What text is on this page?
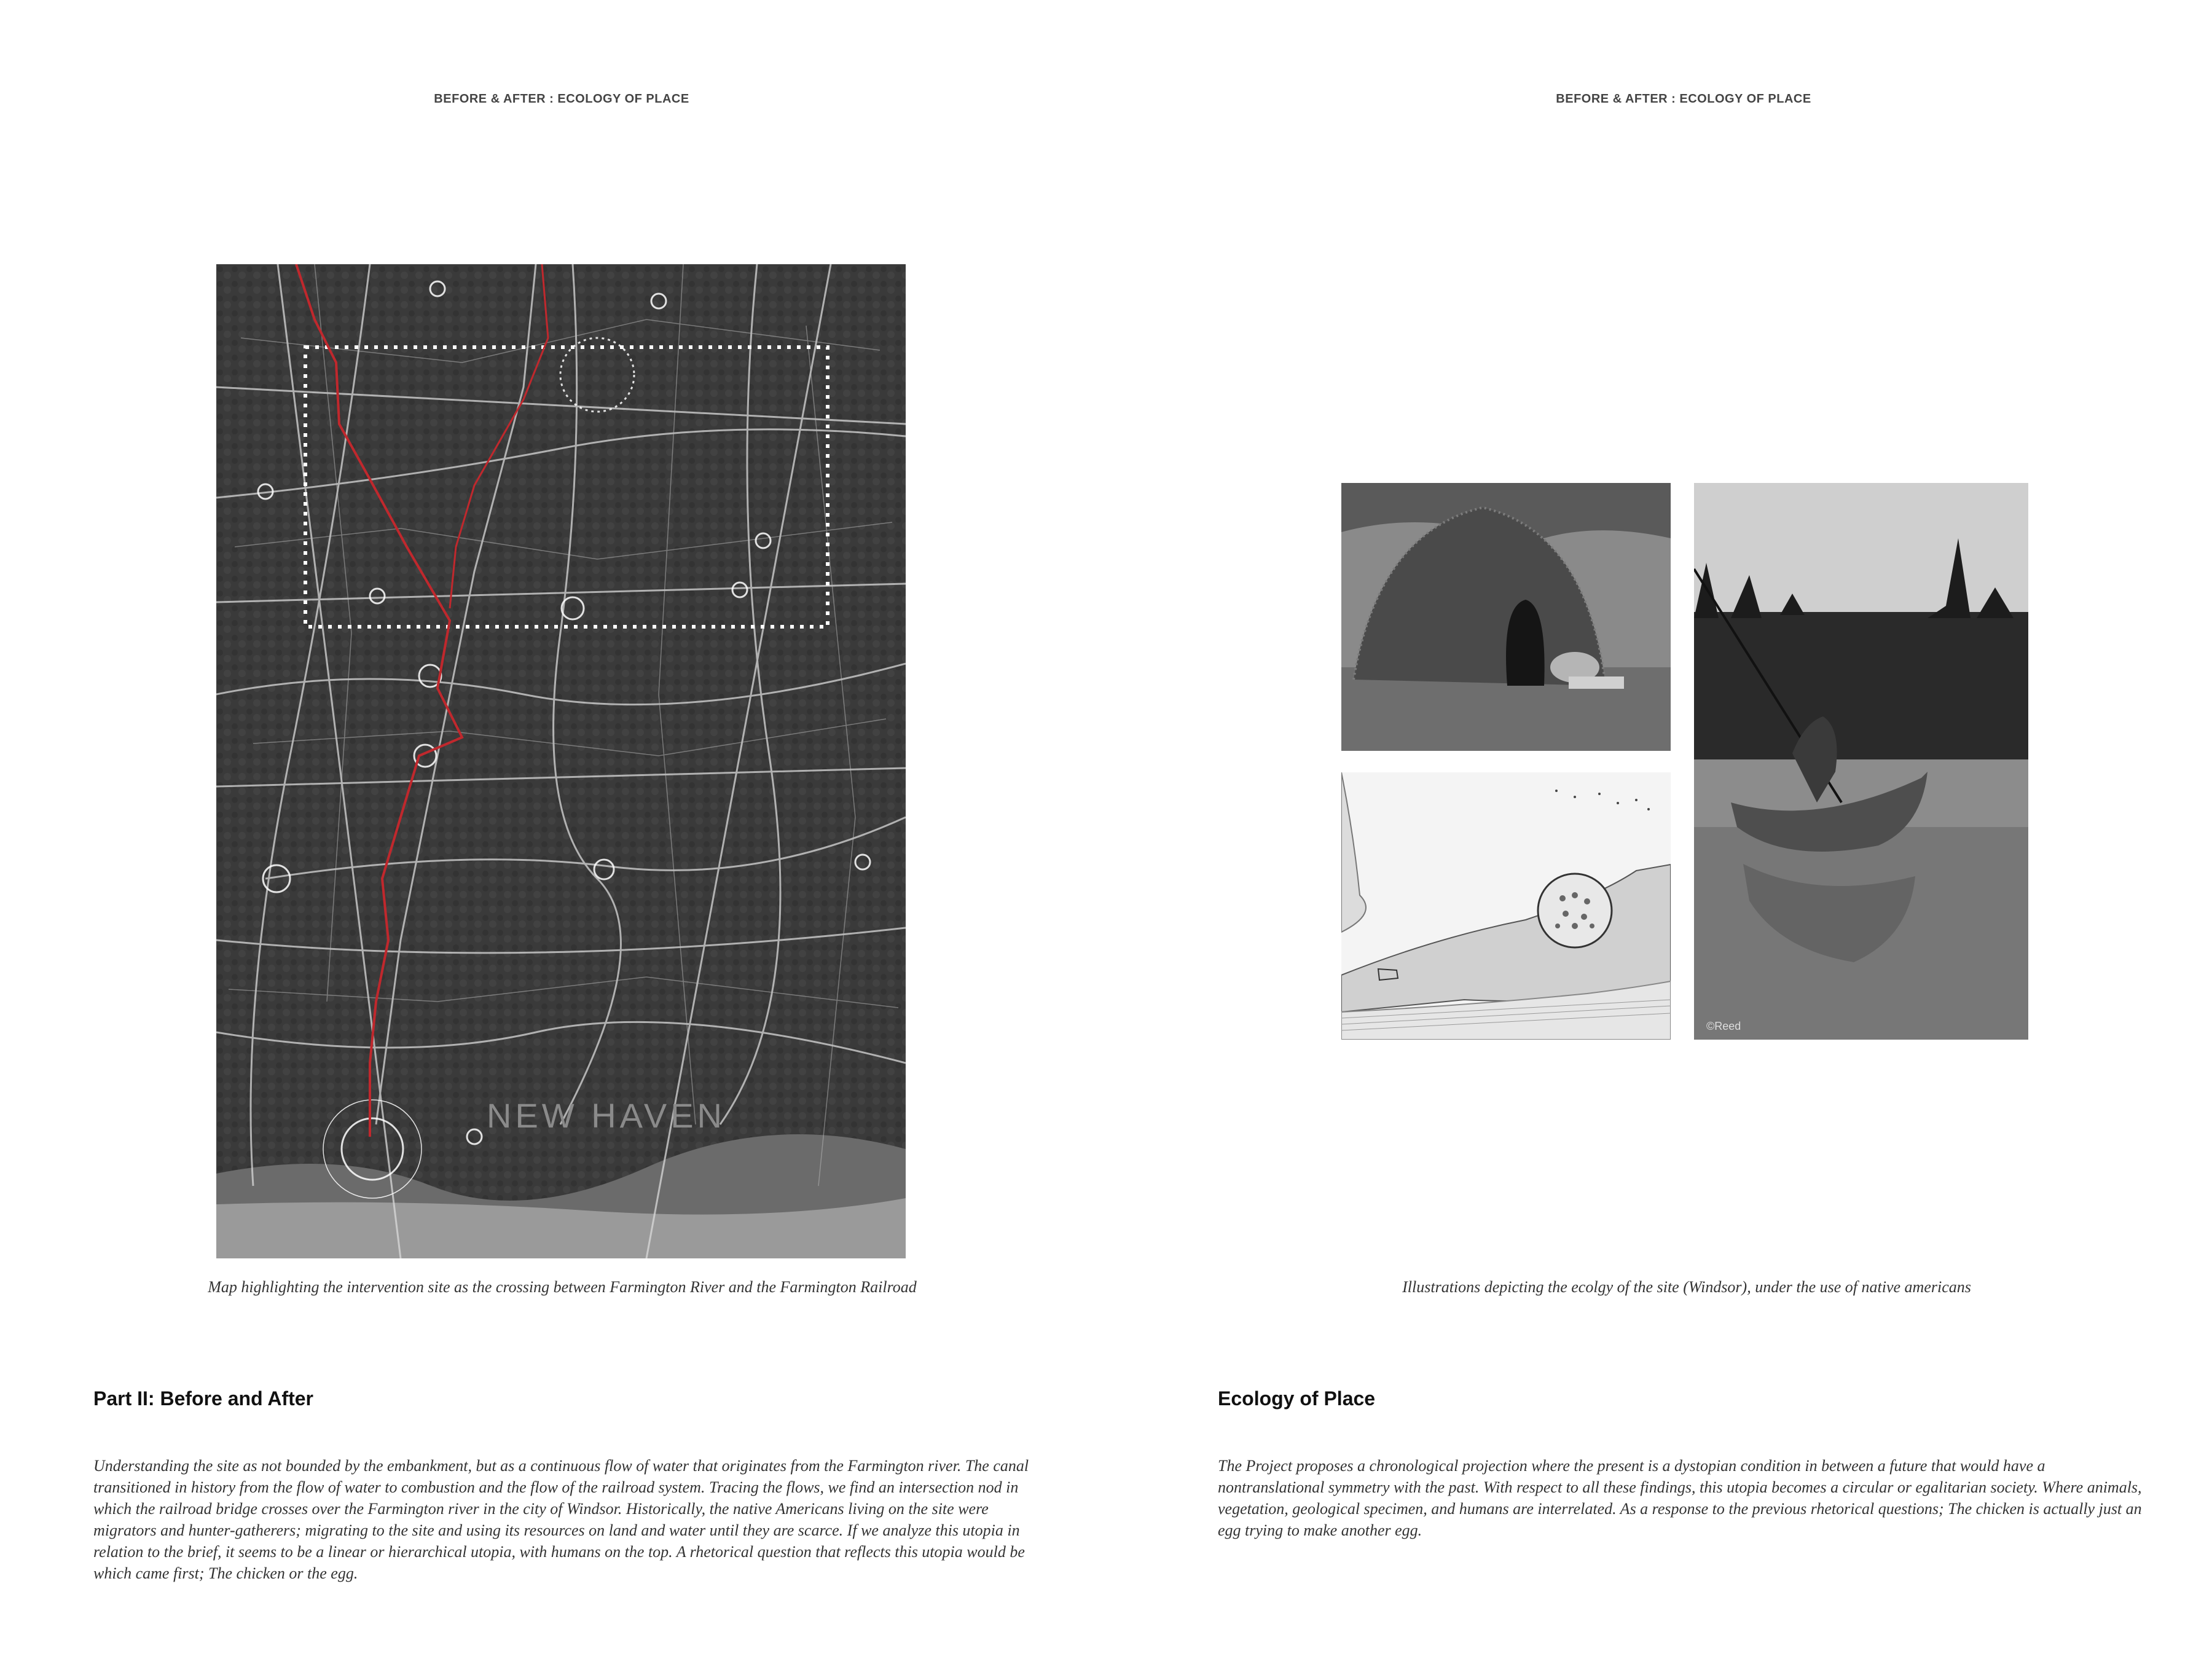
BEFORE & AFTER : ECOLOGY OF PLACE	BEFORE & AFTER : ECOLOGY OF PLACE
NEW HAVEN
©Reed
Map highlighting the intervention site as the crossing between Farmington River and the Farmington Railroad	Illustrations depicting the ecolgy of the site (Windsor), under the use of native americans
Part II: Before and After	Ecology of Place
Understanding the site as not bounded by the embankment, but as a continuous flow of water that originates from the Farmington river. The canal transitioned in history from the flow of water to combustion and the flow of the railroad system. Tracing the flows, we find an intersection nod in which the railroad bridge crosses over the Farmington river in the city of Windsor. Historically, the native Americans living on the site were migrators and hunter-gatherers; migrating to the site and using its resources on land and water until they are scarce. If we analyze this utopia in relation to the brief, it seems to be a linear or hierarchical utopia, with humans on the top. A rhetorical question that reflects this utopia would be which came first; The chicken or the egg.
The Project proposes a chronological projection where the present is a dystopian condition in between a future that would have a nontranslational symmetry with the past. With respect to all these findings, this utopia becomes a circular or egalitarian society. Where animals, vegetation, geological specimen, and humans are interrelated. As a response to the previous rhetorical questions; The chicken is actually just an egg trying to make another egg.
